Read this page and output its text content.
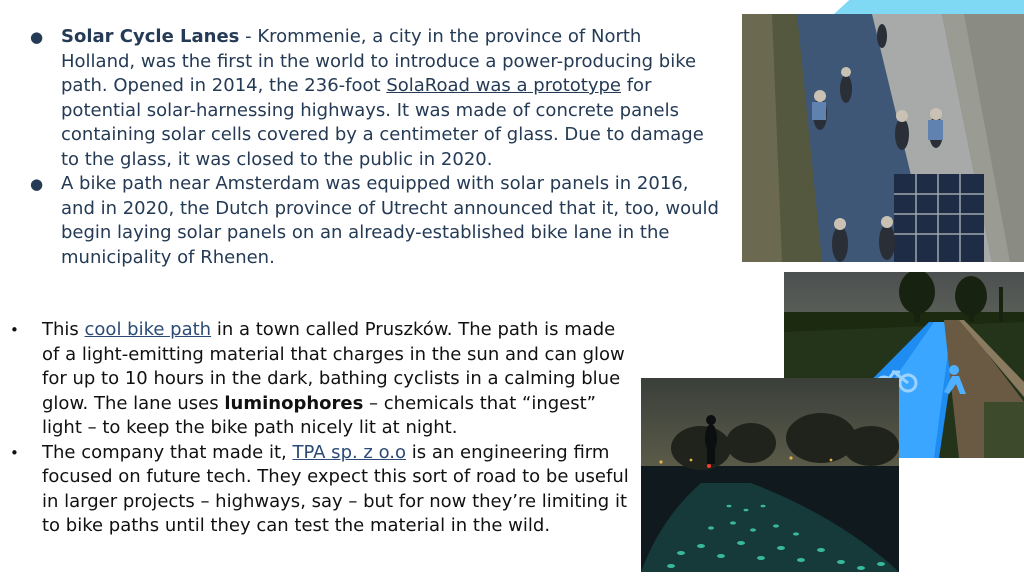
● Solar Cycle Lanes - Krommenie, a city in the province of North Holland, was the first in the world to introduce a power-producing bike path. Opened in 2014, the 236-foot SolaRoad was a prototype for potential solar-harnessing highways. It was made of concrete panels containing solar cells covered by a centimeter of glass. Due to damage to the glass, it was closed to the public in 2020.
● A bike path near Amsterdam was equipped with solar panels in 2016, and in 2020, the Dutch province of Utrecht announced that it, too, would begin laying solar panels on an already-established bike lane in the municipality of Rhenen.
• This cool bike path in a town called Pruszków. The path is made of a light-emitting material that charges in the sun and can glow for up to 10 hours in the dark, bathing cyclists in a calming blue glow. The lane uses luminophores – chemicals that “ingest” light – to keep the bike path nicely lit at night.
• The company that made it, TPA sp. z o.o is an engineering firm focused on future tech. They expect this sort of road to be useful in larger projects – highways, say – but for now they’re limiting it to bike paths until they can test the material in the wild.
